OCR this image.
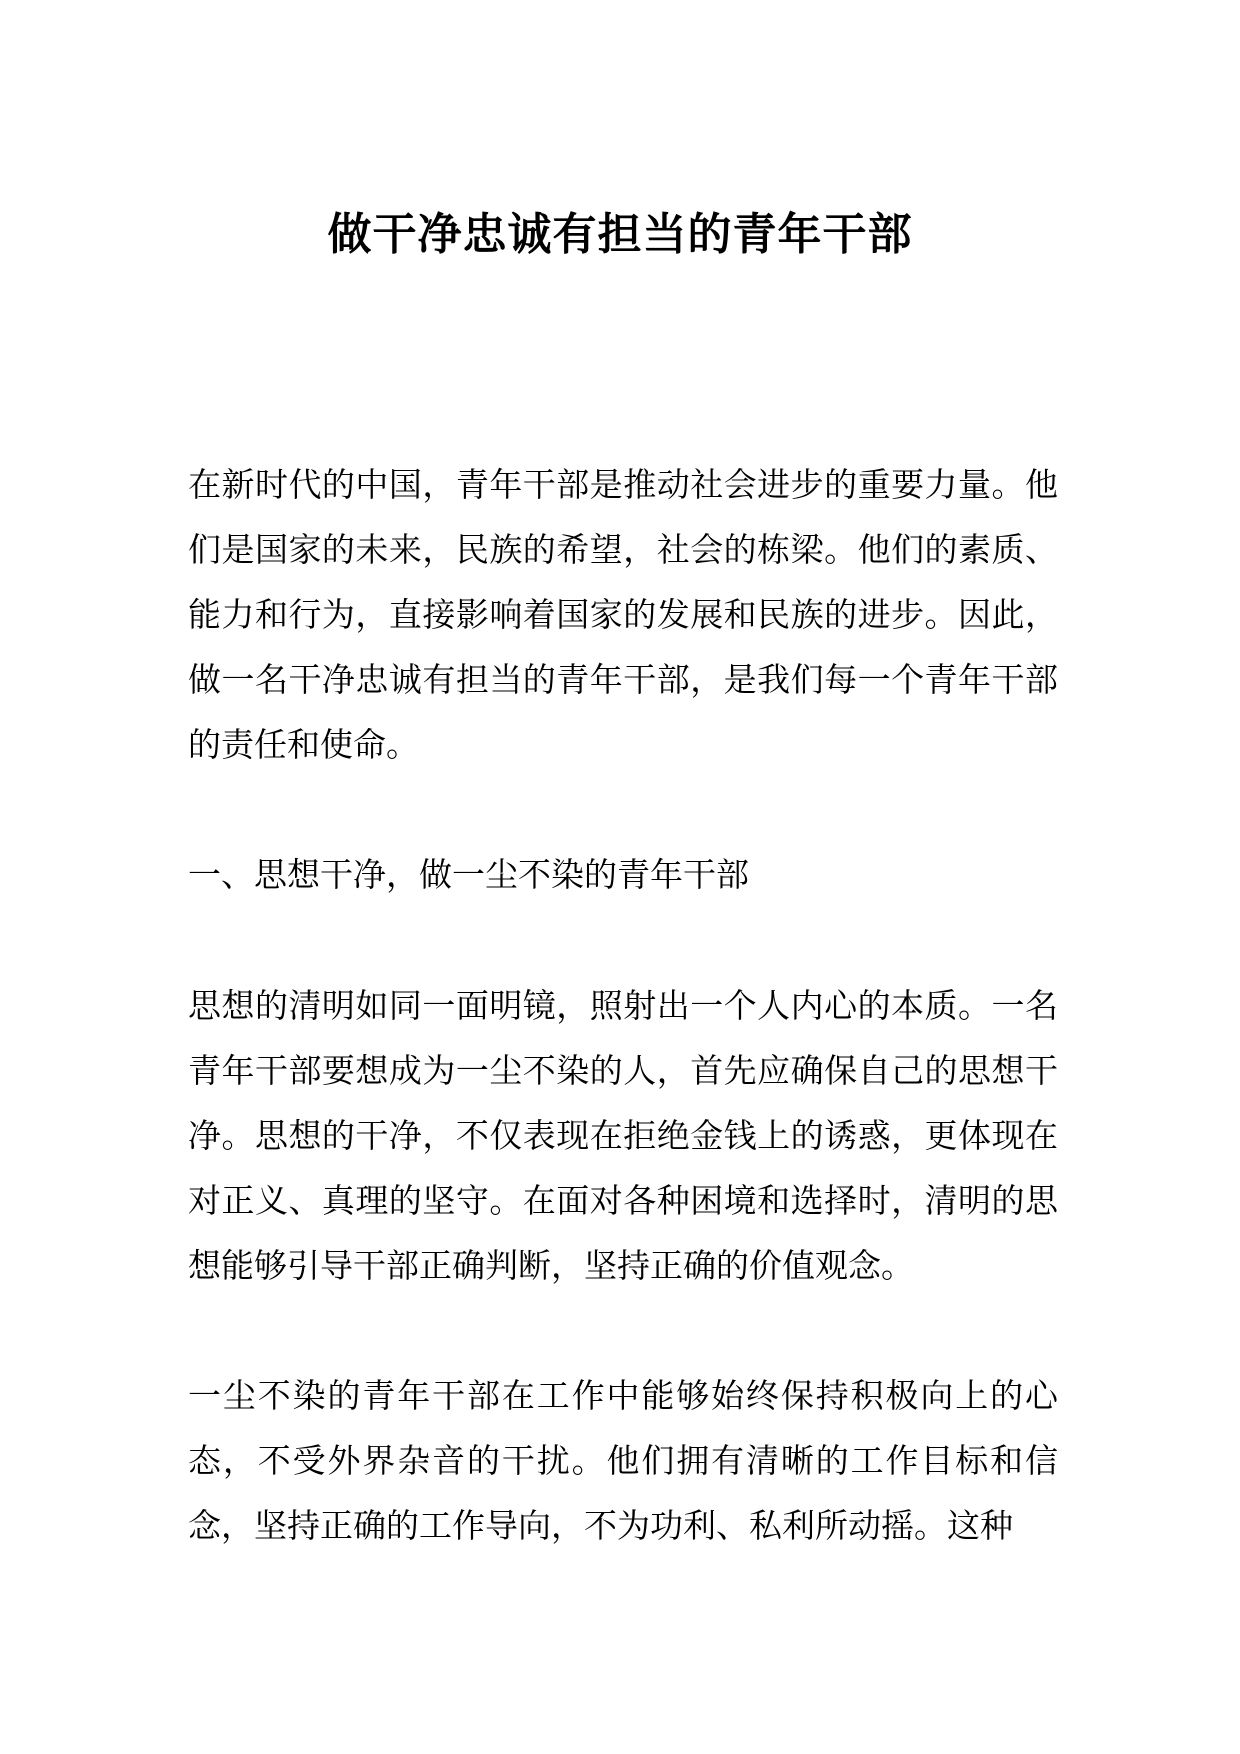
做干净忠诚有担当的青年干部

在新时代的中国，青年干部是推动社会进步的重要力量。他们是国家的未来，民族的希望，社会的栋梁。他们的素质、能力和行为，直接影响着国家的发展和民族的进步。因此，做一名干净忠诚有担当的青年干部，是我们每一个青年干部的责任和使命。

一、思想干净，做一尘不染的青年干部

思想的清明如同一面明镜，照射出一个人内心的本质。一名青年干部要想成为一尘不染的人，首先应确保自己的思想干净。思想的干净，不仅表现在拒绝金钱上的诱惑，更体现在对正义、真理的坚守。在面对各种困境和选择时，清明的思想能够引导干部正确判断，坚持正确的价值观念。

一尘不染的青年干部在工作中能够始终保持积极向上的心态，不受外界杂音的干扰。他们拥有清晰的工作目标和信念，坚持正确的工作导向，不为功利、私利所动摇。这种
